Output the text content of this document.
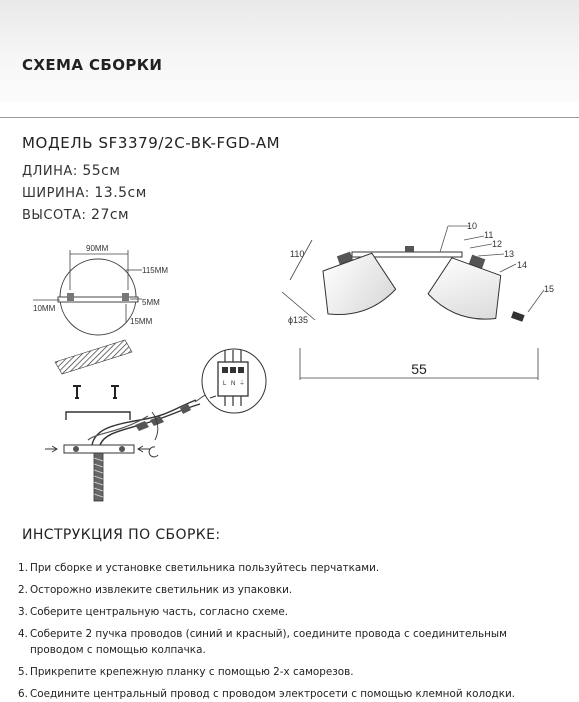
СХЕМА СБОРКИ
МОДЕЛЬ SF3379/2C-BK-FGD-AM
ДЛИНА: 55см
ШИРИНА: 13.5см
ВЫСОТА: 27см
90ММ
115ММ
10ММ
5ММ
15ММ
L N ⏚
110
ϕ135
10
11
12
13
14
15
55
ИНСТРУКЦИЯ ПО СБОРКЕ:
1. При сборке и установке светильника пользуйтесь перчатками.
2. Осторожно извлеките светильник из упаковки.
3. Соберите центральную часть, согласно схеме.
4. Соберите 2 пучка проводов (синий и красный), соедините провода с соединительным
проводом с помощью колпачка.
5. Прикрепите крепежную планку с помощью 2-х саморезов.
6. Соедините центральный провод с проводом электросети с помощью клемной колодки.
